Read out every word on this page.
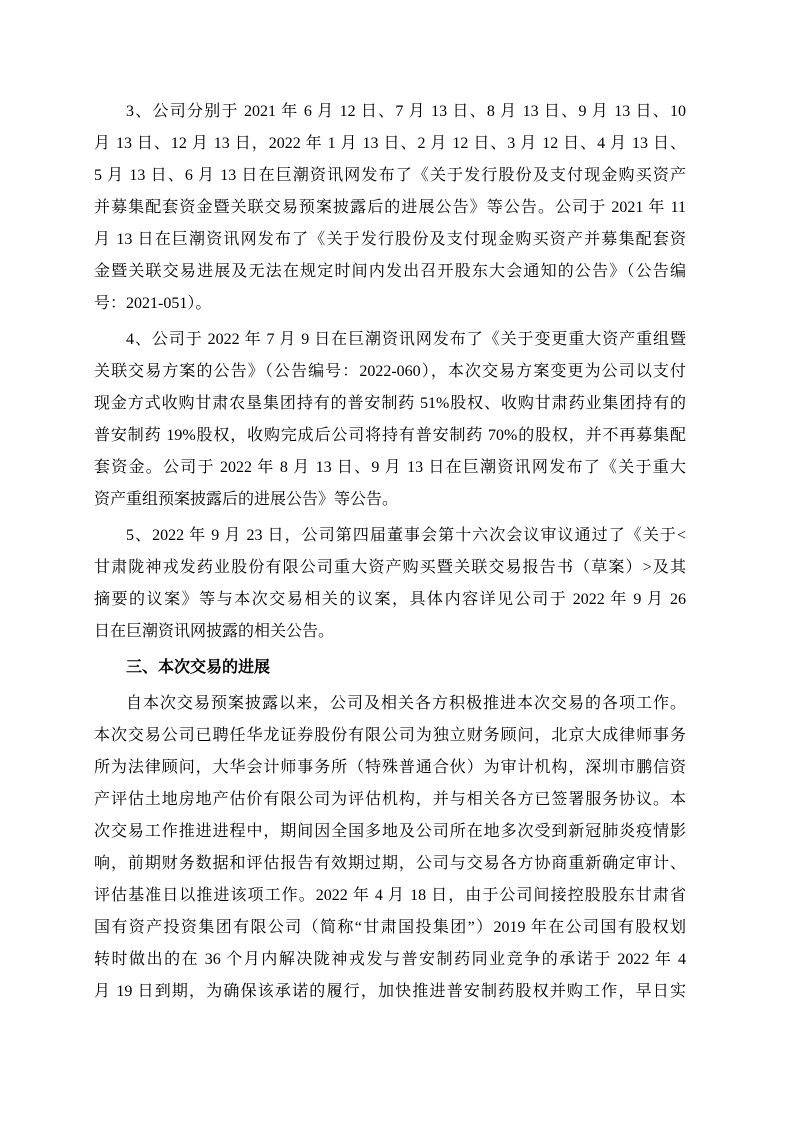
3、公司分别于 2021 年 6 月 12 日、7 月 13 日、8 月 13 日、9 月 13 日、10
月 13 日、12 月 13 日，2022 年 1 月 13 日、2 月 12 日、3 月 12 日、4 月 13 日、
5 月 13 日、6 月 13 日在巨潮资讯网发布了《关于发行股份及支付现金购买资产
并募集配套资金暨关联交易预案披露后的进展公告》等公告。公司于 2021 年 11
月 13 日在巨潮资讯网发布了《关于发行股份及支付现金购买资产并募集配套资
金暨关联交易进展及无法在规定时间内发出召开股东大会通知的公告》（公告编
号：2021-051）。
4、公司于 2022 年 7 月 9 日在巨潮资讯网发布了《关于变更重大资产重组暨
关联交易方案的公告》（公告编号：2022-060），本次交易方案变更为公司以支付
现金方式收购甘肃农垦集团持有的普安制药 51%股权、收购甘肃药业集团持有的
普安制药 19%股权，收购完成后公司将持有普安制药 70%的股权，并不再募集配
套资金。公司于 2022 年 8 月 13 日、9 月 13 日在巨潮资讯网发布了《关于重大
资产重组预案披露后的进展公告》等公告。
5、2022 年 9 月 23 日，公司第四届董事会第十六次会议审议通过了《关于<
甘肃陇神戎发药业股份有限公司重大资产购买暨关联交易报告书（草案）>及其
摘要的议案》等与本次交易相关的议案，具体内容详见公司于 2022 年 9 月 26
日在巨潮资讯网披露的相关公告。
三、本次交易的进展
自本次交易预案披露以来，公司及相关各方积极推进本次交易的各项工作。
本次交易公司已聘任华龙证券股份有限公司为独立财务顾问，北京大成律师事务
所为法律顾问，大华会计师事务所（特殊普通合伙）为审计机构，深圳市鹏信资
产评估土地房地产估价有限公司为评估机构，并与相关各方已签署服务协议。本
次交易工作推进进程中，期间因全国多地及公司所在地多次受到新冠肺炎疫情影
响，前期财务数据和评估报告有效期过期，公司与交易各方协商重新确定审计、
评估基准日以推进该项工作。2022 年 4 月 18 日，由于公司间接控股股东甘肃省
国有资产投资集团有限公司（简称“甘肃国投集团”）2019 年在公司国有股权划
转时做出的在 36 个月内解决陇神戎发与普安制药同业竞争的承诺于 2022 年 4
月 19 日到期，为确保该承诺的履行，加快推进普安制药股权并购工作，早日实
